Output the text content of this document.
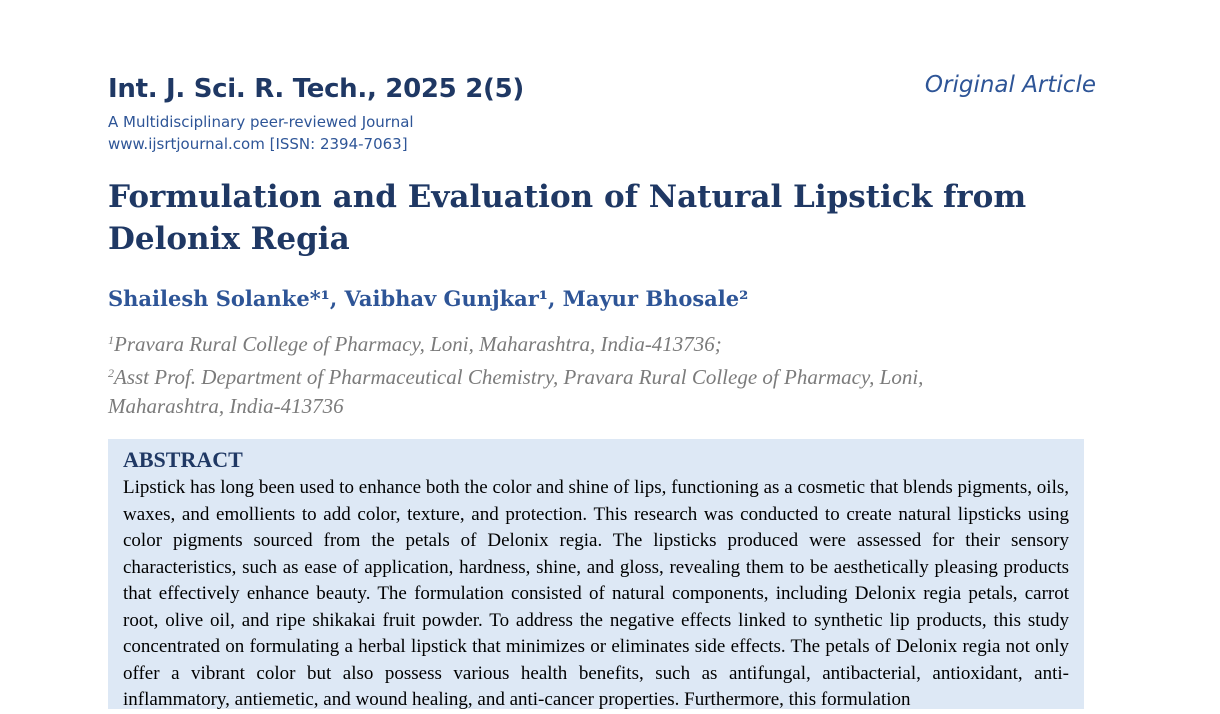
Int. J. Sci. R. Tech., 2025 2(5)
A Multidisciplinary peer-reviewed Journal
www.ijsrtjournal.com [ISSN: 2394-7063]
Original Article
Formulation and Evaluation of Natural Lipstick from Delonix Regia
Shailesh Solanke*¹, Vaibhav Gunjkar¹, Mayur Bhosale²
$^1$Pravara Rural College of Pharmacy, Loni, Maharashtra, India-413736;
$^2$Asst Prof. Department of Pharmaceutical Chemistry, Pravara Rural College of Pharmacy, Loni, Maharashtra, India-413736
ABSTRACT

Lipstick has long been used to enhance both the color and shine of lips, functioning as a cosmetic that blends pigments, oils, waxes, and emollients to add color, texture, and protection. This research was conducted to create natural lipsticks using color pigments sourced from the petals of Delonix regia. The lipsticks produced were assessed for their sensory characteristics, such as ease of application, hardness, shine, and gloss, revealing them to be aesthetically pleasing products that effectively enhance beauty. The formulation consisted of natural components, including Delonix regia petals, carrot root, olive oil, and ripe shikakai fruit powder. To address the negative effects linked to synthetic lip products, this study concentrated on formulating a herbal lipstick that minimizes or eliminates side effects. The petals of Delonix regia not only offer a vibrant color but also possess various health benefits, such as antifungal, antibacterial, antioxidant, anti-inflammatory, antiemetic, and wound healing, and anti-cancer properties. Furthermore, this formulation
